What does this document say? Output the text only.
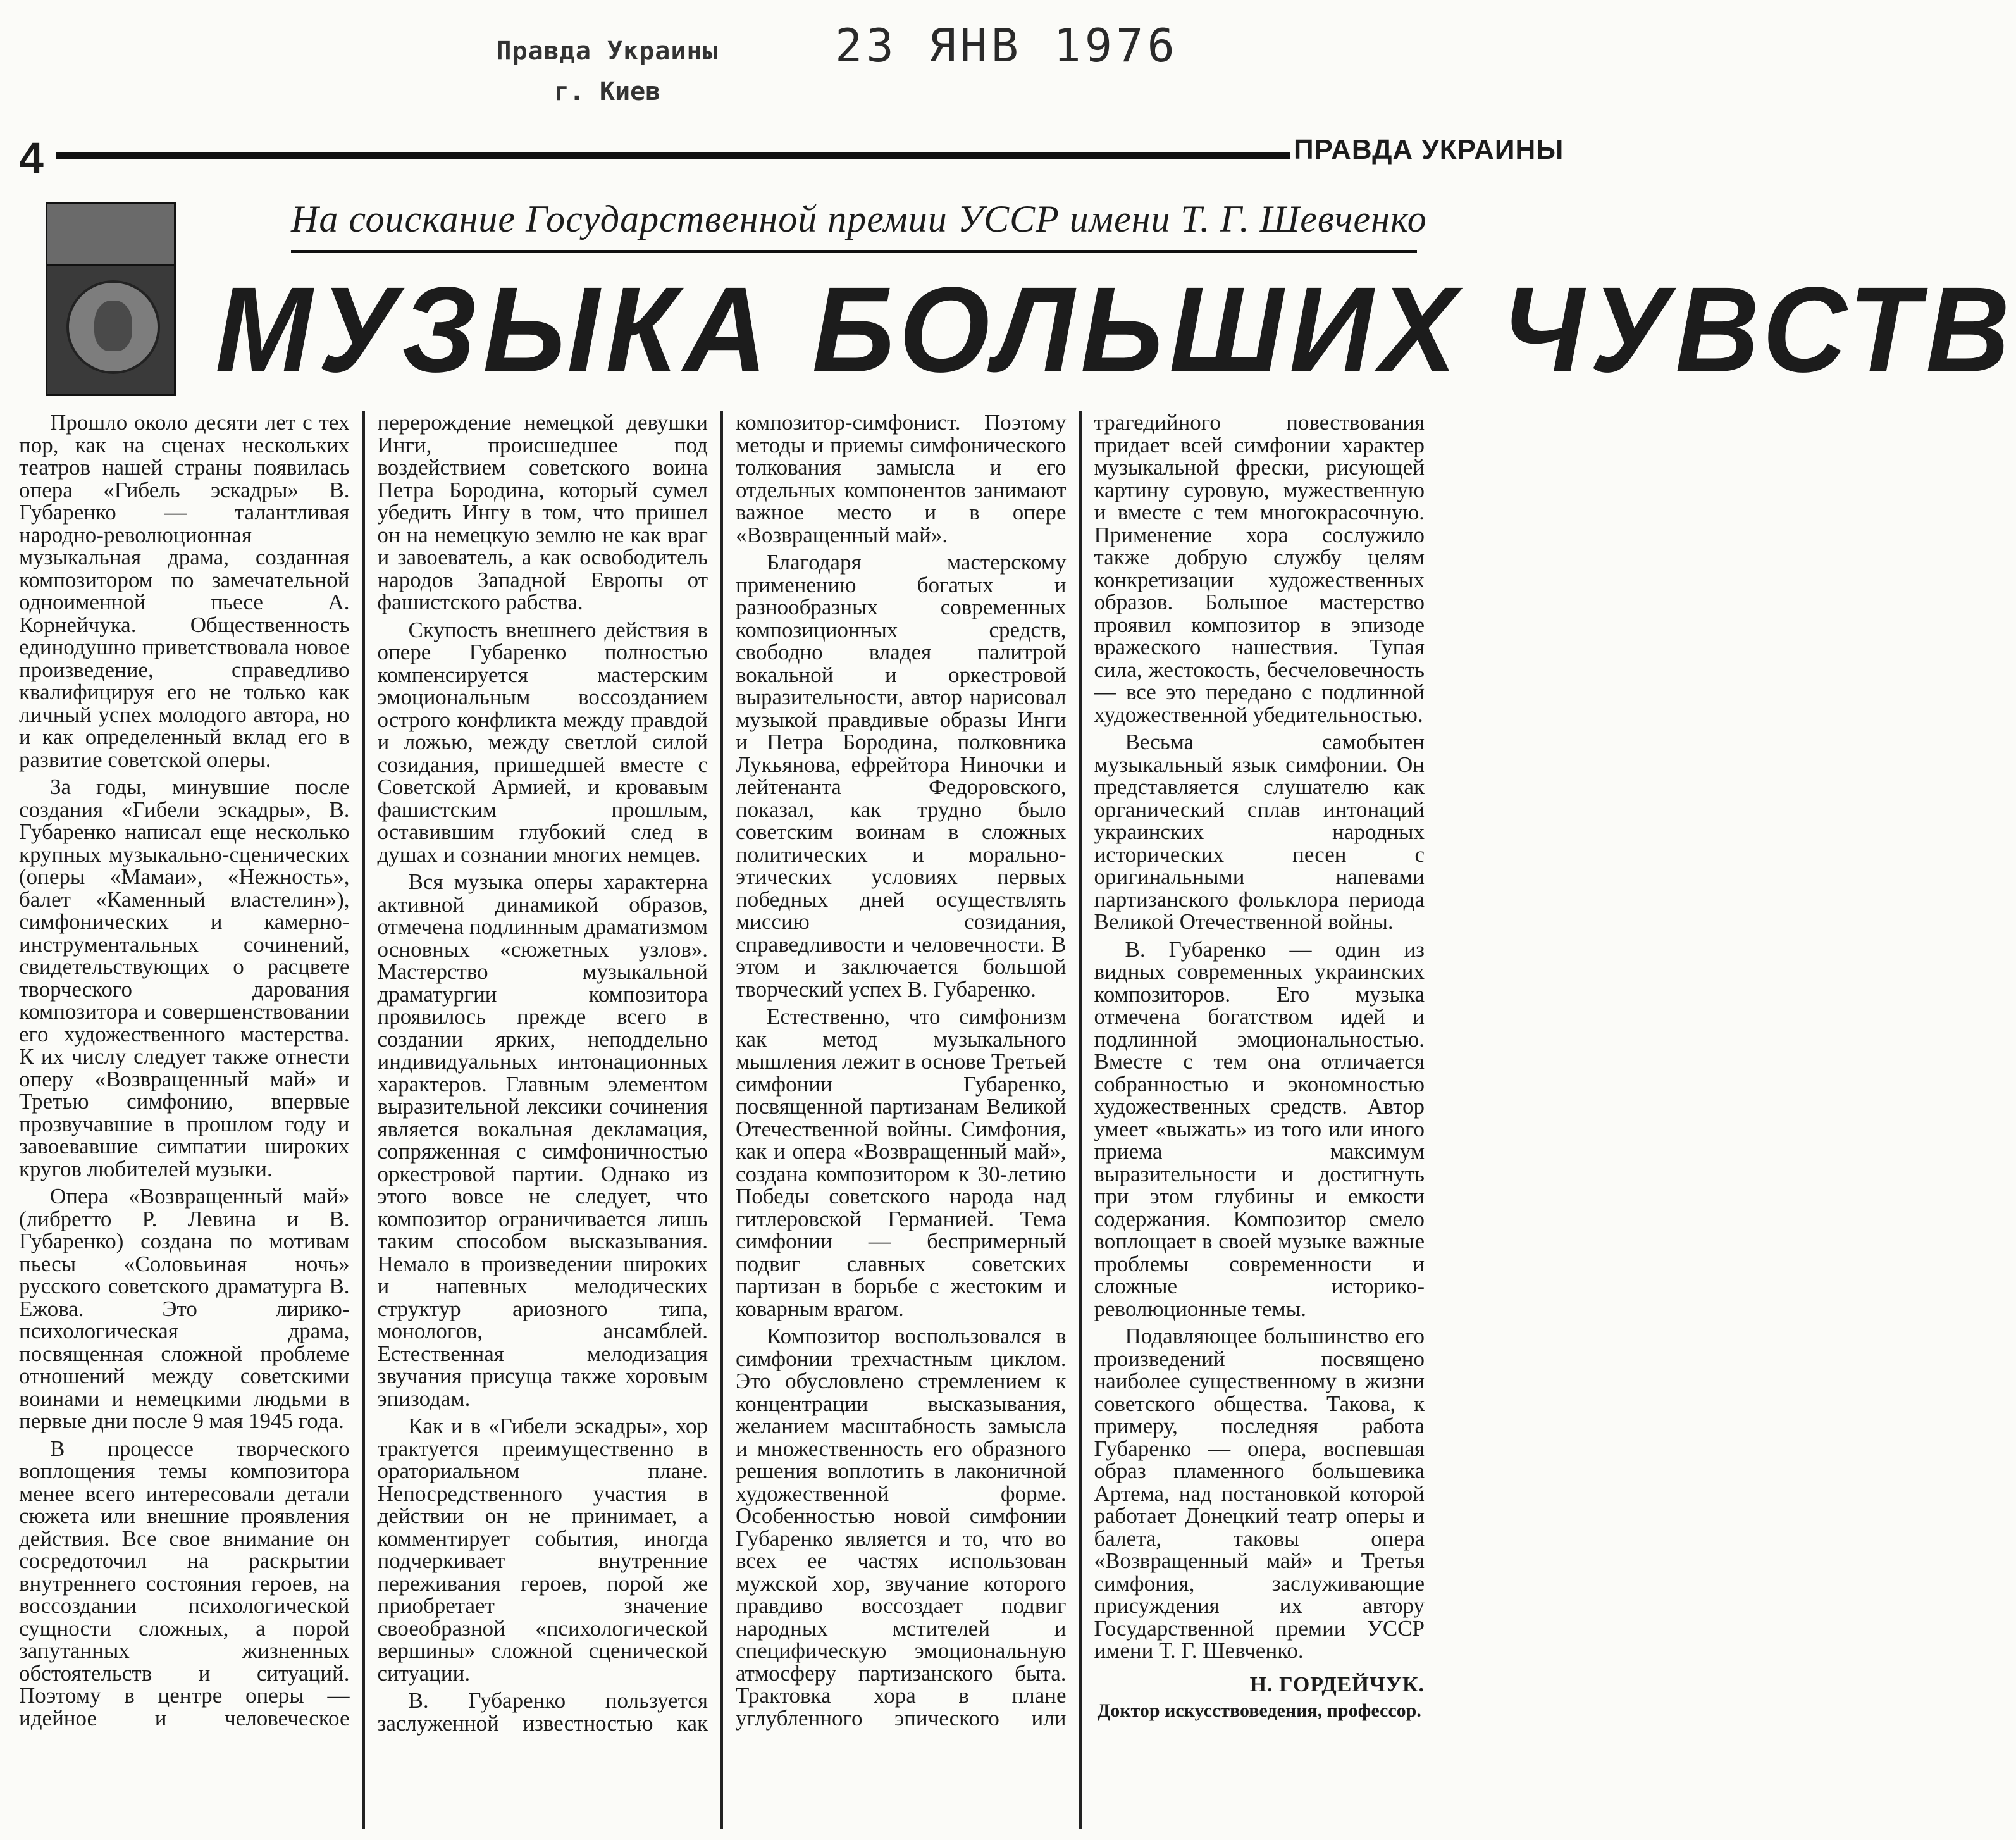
Правда Украины
г. Киев
23 ЯНВ 1976
4	ПРАВДА УКРАИНЫ
На соискание Государственной премии УССР имени Т. Г. Шевченко
МУЗЫКА БОЛЬШИХ ЧУВСТВ

Прошло около десяти лет с тех пор, как на сценах нескольких театров нашей страны появилась опера «Гибель эскадры» В. Губаренко — талантливая народно-революционная музыкальная драма, созданная композитором по замечательной одноименной пьесе А. Корнейчука. Общественность единодушно приветствовала новое произведение, справедливо квалифицируя его не только как личный успех молодого автора, но и как определенный вклад его в развитие советской оперы.

За годы, минувшие после создания «Гибели эскадры», В. Губаренко написал еще несколько крупных музыкально-сценических (оперы «Мамаи», «Нежность», балет «Каменный властелин»), симфонических и камерно-инструментальных сочинений, свидетельствующих о расцвете творческого дарования композитора и совершенствовании его художественного мастерства. К их числу следует также отнести оперу «Возвращенный май» и Третью симфонию, впервые прозвучавшие в прошлом году и завоевавшие симпатии широких кругов любителей музыки.

Опера «Возвращенный май» (либретто Р. Левина и В. Губаренко) создана по мотивам пьесы «Соловьиная ночь» русского советского драматурга В. Ежова. Это лирико-психологическая драма, посвященная сложной проблеме отношений между советскими воинами и немецкими людьми в первые дни после 9 мая 1945 года.

В процессе творческого воплощения темы композитора менее всего интересовали детали сюжета или внешние проявления действия. Все свое внимание он сосредоточил на раскрытии внутреннего состояния героев, на воссоздании психологической сущности сложных, а порой запутанных жизненных обстоятельств и ситуаций. Поэтому в центре оперы — идейное и человеческое перерождение немецкой девушки Инги, происшедшее под воздействием советского воина Петра Бородина, который сумел убедить Ингу в том, что пришел он на немецкую землю не как враг и завоеватель, а как освободитель народов Западной Европы от фашистского рабства.

Скупость внешнего действия в опере Губаренко полностью компенсируется мастерским эмоциональным воссозданием острого конфликта между правдой и ложью, между светлой силой созидания, пришедшей вместе с Советской Армией, и кровавым фашистским прошлым, оставившим глубокий след в душах и сознании многих немцев.

Вся музыка оперы характерна активной динамикой образов, отмечена подлинным драматизмом основных «сюжетных узлов». Мастерство музыкальной драматургии композитора проявилось прежде всего в создании ярких, неподдельно индивидуальных интонационных характеров. Главным элементом выразительной лексики сочинения является вокальная декламация, сопряженная с симфоничностью оркестровой партии. Однако из этого вовсе не следует, что композитор ограничивается лишь таким способом высказывания. Немало в произведении широких и напевных мелодических структур ариозного типа, монологов, ансамблей. Естественная мелодизация звучания присуща также хоровым эпизодам.

Как и в «Гибели эскадры», хор трактуется преимущественно в ораториальном плане. Непосредственного участия в действии он не принимает, а комментирует события, иногда подчеркивает внутренние переживания героев, порой же приобретает значение своеобразной «психологической вершины» сложной сценической ситуации.

В. Губаренко пользуется заслуженной известностью как композитор-симфонист. Поэтому методы и приемы симфонического толкования замысла и его отдельных компонентов занимают важное место и в опере «Возвращенный май».

Благодаря мастерскому применению богатых и разнообразных современных композиционных средств, свободно владея палитрой вокальной и оркестровой выразительности, автор нарисовал музыкой правдивые образы Инги и Петра Бородина, полковника Лукьянова, ефрейтора Ниночки и лейтенанта Федоровского, показал, как трудно было советским воинам в сложных политических и морально-этических условиях первых победных дней осуществлять миссию созидания, справедливости и человечности. В этом и заключается большой творческий успех В. Губаренко.

Естественно, что симфонизм как метод музыкального мышления лежит в основе Третьей симфонии Губаренко, посвященной партизанам Великой Отечественной войны. Симфония, как и опера «Возвращенный май», создана композитором к 30-летию Победы советского народа над гитлеровской Германией. Тема симфонии — беспримерный подвиг славных советских партизан в борьбе с жестоким и коварным врагом.

Композитор воспользовался в симфонии трехчастным циклом. Это обусловлено стремлением к концентрации высказывания, желанием масштабность замысла и множественность его образного решения воплотить в лаконичной художественной форме. Особенностью новой симфонии Губаренко является и то, что во всех ее частях использован мужской хор, звучание которого правдиво воссоздает подвиг народных мстителей и специфическую эмоциональную атмосферу партизанского быта. Трактовка хора в плане углубленного эпического или трагедийного повествования придает всей симфонии характер музыкальной фрески, рисующей картину суровую, мужественную и вместе с тем многокрасочную. Применение хора сослужило также добрую службу целям конкретизации художественных образов. Большое мастерство проявил композитор в эпизоде вражеского нашествия. Тупая сила, жестокость, бесчеловечность — все это передано с подлинной художественной убедительностью.

Весьма самобытен музыкальный язык симфонии. Он представляется слушателю как органический сплав интонаций украинских народных исторических песен с оригинальными напевами партизанского фольклора периода Великой Отечественной войны.

В. Губаренко — один из видных современных украинских композиторов. Его музыка отмечена богатством идей и подлинной эмоциональностью. Вместе с тем она отличается собранностью и экономностью художественных средств. Автор умеет «выжать» из того или иного приема максимум выразительности и достигнуть при этом глубины и емкости содержания. Композитор смело воплощает в своей музыке важные проблемы современности и сложные историко-революционные темы.

Подавляющее большинство его произведений посвящено наиболее существенному в жизни советского общества. Такова, к примеру, последняя работа Губаренко — опера, воспевшая образ пламенного большевика Артема, над постановкой которой работает Донецкий театр оперы и балета, таковы опера «Возвращенный май» и Третья симфония, заслуживающие присуждения их автору Государственной премии УССР имени Т. Г. Шевченко.

Н. ГОРДЕЙЧУК.
Доктор искусствоведения, профессор.
